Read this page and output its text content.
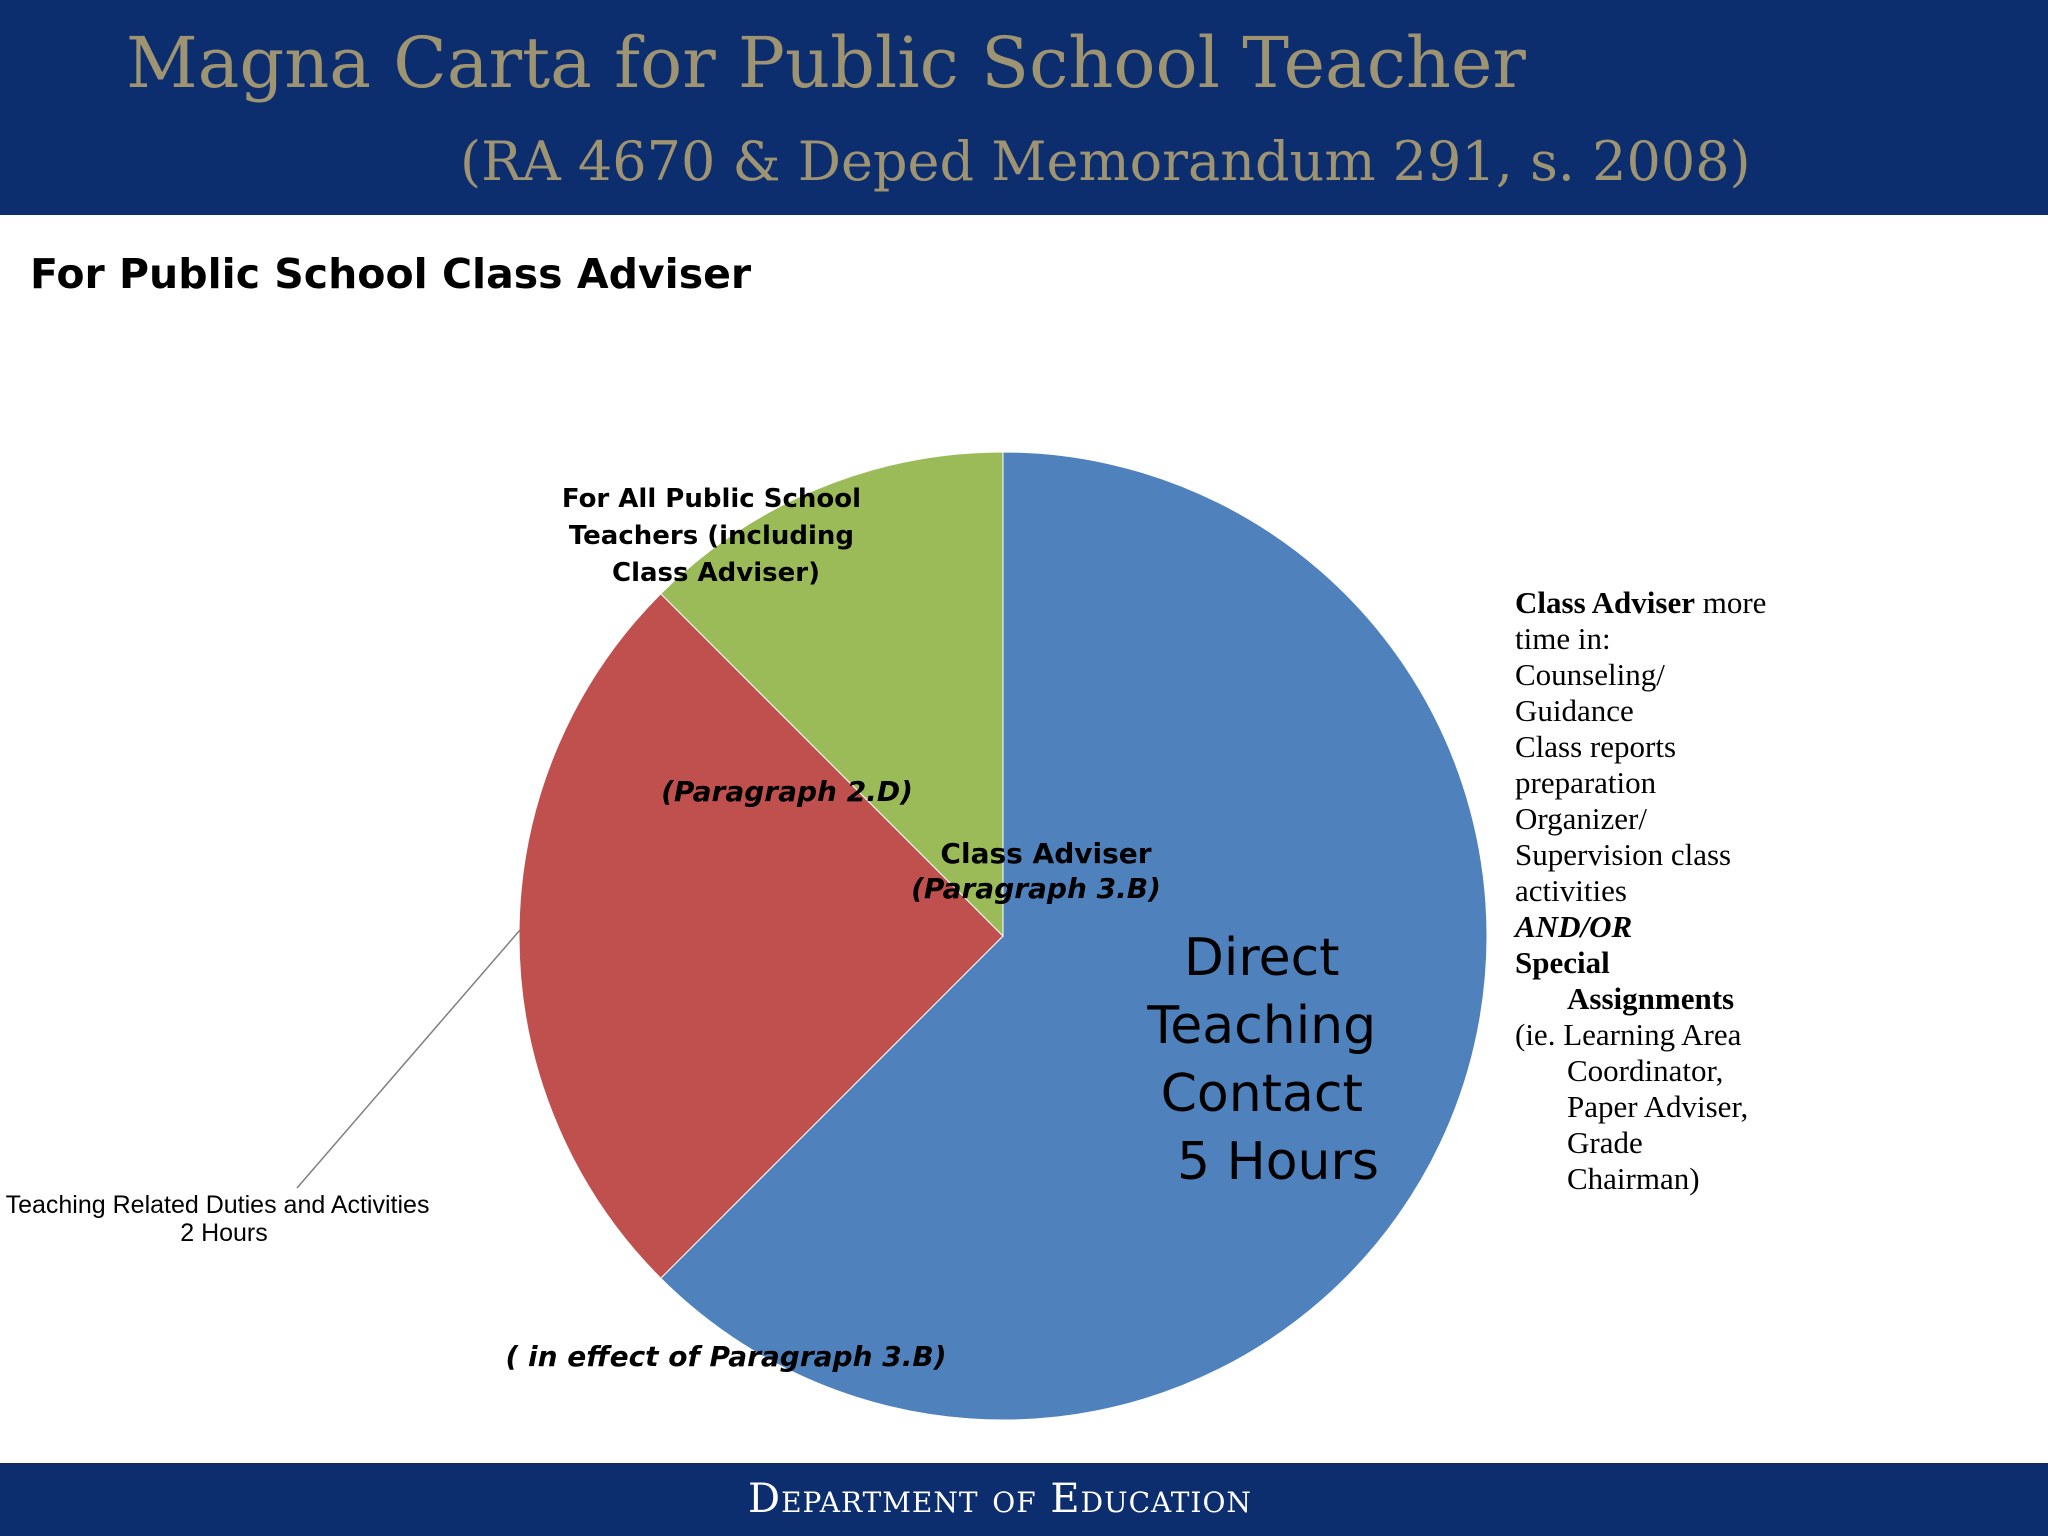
Magna Carta for Public School Teacher
(RA 4670 & Deped Memorandum 291, s. 2008)
For Public School Class Adviser
Direct Teaching Contact 5 Hours
Teaching Related Duties and Activities 2 Hours
For All Public School Teachers (including Class Adviser)
(Paragraph 2.D)
Class Adviser
(Paragraph 3.B)
( in effect of Paragraph 3.B)
Class Adviser more
time in:
Counseling/
Guidance
Class reports
preparation
Organizer/
Supervision class
activities
AND/OR
Special
Assignments
(ie. Learning Area
Coordinator,
Paper Adviser,
Grade
Chairman)
Department of Education
